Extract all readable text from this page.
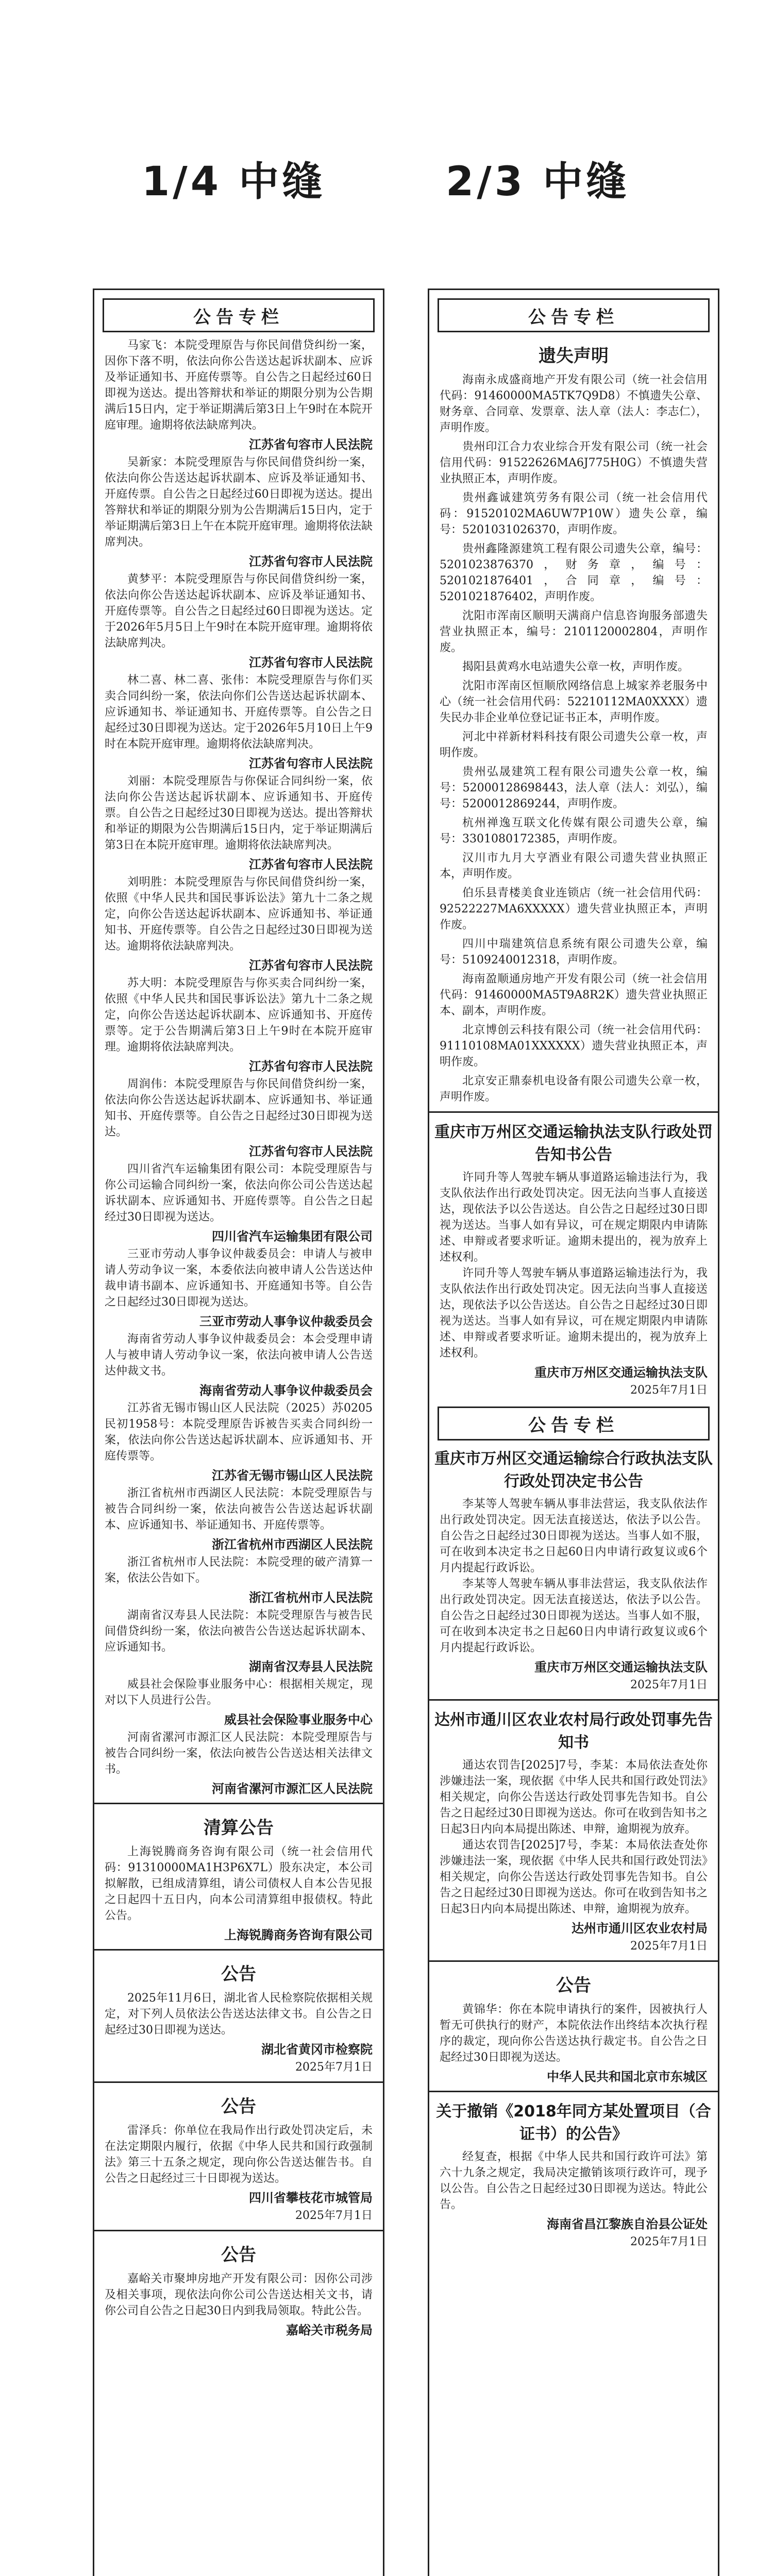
1/4 中缝	2/3 中缝
公告专栏

马家飞：本院受理原告与你民间借贷纠纷一案，因你下落不明，依法向你公告送达起诉状副本、应诉及举证通知书、开庭传票等。自公告之日起经过60日即视为送达。提出答辩状和举证的期限分别为公告期满后15日内，定于举证期满后第3日上午9时在本院开庭审理。逾期将依法缺席判决。

江苏省句容市人民法院

吴新家：本院受理原告与你民间借贷纠纷一案，依法向你公告送达起诉状副本、应诉及举证通知书、开庭传票。自公告之日起经过60日即视为送达。提出答辩状和举证的期限分别为公告期满后15日内，定于举证期满后第3日上午在本院开庭审理。逾期将依法缺席判决。

江苏省句容市人民法院

黄梦平：本院受理原告与你民间借贷纠纷一案，依法向你公告送达起诉状副本、应诉及举证通知书、开庭传票等。自公告之日起经过60日即视为送达。定于2026年5月5日上午9时在本院开庭审理。逾期将依法缺席判决。

江苏省句容市人民法院

林二喜、林二喜、张伟：本院受理原告与你们买卖合同纠纷一案，依法向你们公告送达起诉状副本、应诉通知书、举证通知书、开庭传票等。自公告之日起经过30日即视为送达。定于2026年5月10日上午9时在本院开庭审理。逾期将依法缺席判决。

江苏省句容市人民法院

刘丽：本院受理原告与你保证合同纠纷一案，依法向你公告送达起诉状副本、应诉通知书、开庭传票。自公告之日起经过30日即视为送达。提出答辩状和举证的期限为公告期满后15日内，定于举证期满后第3日在本院开庭审理。逾期将依法缺席判决。

江苏省句容市人民法院

刘明胜：本院受理原告与你民间借贷纠纷一案，依照《中华人民共和国民事诉讼法》第九十二条之规定，向你公告送达起诉状副本、应诉通知书、举证通知书、开庭传票等。自公告之日起经过30日即视为送达。逾期将依法缺席判决。

江苏省句容市人民法院

苏大明：本院受理原告与你买卖合同纠纷一案，依照《中华人民共和国民事诉讼法》第九十二条之规定，向你公告送达起诉状副本、应诉通知书、开庭传票等。定于公告期满后第3日上午9时在本院开庭审理。逾期将依法缺席判决。

江苏省句容市人民法院

周润伟：本院受理原告与你民间借贷纠纷一案，依法向你公告送达起诉状副本、应诉通知书、举证通知书、开庭传票等。自公告之日起经过30日即视为送达。

江苏省句容市人民法院

四川省汽车运输集团有限公司：本院受理原告与你公司运输合同纠纷一案，依法向你公司公告送达起诉状副本、应诉通知书、开庭传票等。自公告之日起经过30日即视为送达。

四川省汽车运输集团有限公司

三亚市劳动人事争议仲裁委员会：申请人与被申请人劳动争议一案，本委依法向被申请人公告送达仲裁申请书副本、应诉通知书、开庭通知书等。自公告之日起经过30日即视为送达。

三亚市劳动人事争议仲裁委员会

海南省劳动人事争议仲裁委员会：本会受理申请人与被申请人劳动争议一案，依法向被申请人公告送达仲裁文书。

海南省劳动人事争议仲裁委员会

江苏省无锡市锡山区人民法院（2025）苏0205民初1958号：本院受理原告诉被告买卖合同纠纷一案，依法向你公告送达起诉状副本、应诉通知书、开庭传票等。

江苏省无锡市锡山区人民法院

浙江省杭州市西湖区人民法院：本院受理原告与被告合同纠纷一案，依法向被告公告送达起诉状副本、应诉通知书、举证通知书、开庭传票等。

浙江省杭州市西湖区人民法院

浙江省杭州市人民法院：本院受理的破产清算一案，依法公告如下。

浙江省杭州市人民法院

湖南省汉寿县人民法院：本院受理原告与被告民间借贷纠纷一案，依法向被告公告送达起诉状副本、应诉通知书。

湖南省汉寿县人民法院

威县社会保险事业服务中心：根据相关规定，现对以下人员进行公告。

威县社会保险事业服务中心

河南省漯河市源汇区人民法院：本院受理原告与被告合同纠纷一案，依法向被告公告送达相关法律文书。

河南省漯河市源汇区人民法院

清算公告

上海锐腾商务咨询有限公司（统一社会信用代码：91310000MA1H3P6X7L）股东决定，本公司拟解散，已组成清算组，请公司债权人自本公告见报之日起四十五日内，向本公司清算组申报债权。特此公告。

上海锐腾商务咨询有限公司

公告

2025年11月6日，湖北省人民检察院依据相关规定，对下列人员依法公告送达法律文书。自公告之日起经过30日即视为送达。

湖北省黄冈市检察院

2025年7月1日

公告

雷泽兵：你单位在我局作出行政处罚决定后，未在法定期限内履行，依据《中华人民共和国行政强制法》第三十五条之规定，现向你公告送达催告书。自公告之日起经过三十日即视为送达。

四川省攀枝花市城管局

2025年7月1日

公告

嘉峪关市聚坤房地产开发有限公司：因你公司涉及相关事项，现依法向你公司公告送达相关文书，请你公司自公告之日起30日内到我局领取。特此公告。

嘉峪关市税务局

公告专栏
遗失声明

海南永成盛商地产开发有限公司（统一社会信用代码：91460000MA5TK7Q9D8）不慎遗失公章、财务章、合同章、发票章、法人章（法人：李志仁），声明作废。

贵州印江合力农业综合开发有限公司（统一社会信用代码：91522626MA6J775H0G）不慎遗失营业执照正本，声明作废。

贵州鑫诚建筑劳务有限公司（统一社会信用代码：91520102MA6UW7P10W）遗失公章，编号：5201031026370，声明作废。

贵州鑫隆源建筑工程有限公司遗失公章，编号：5201023876370，财务章，编号：5201021876401，合同章，编号：5201021876402，声明作废。

沈阳市浑南区顺明天满商户信息咨询服务部遗失营业执照正本，编号：2101120002804，声明作废。

揭阳县黄鸡水电站遗失公章一枚，声明作废。

沈阳市浑南区恒顺欣网络信息上城家养老服务中心（统一社会信用代码：52210112MA0XXXX）遗失民办非企业单位登记证书正本，声明作废。

河北中祥新材料科技有限公司遗失公章一枚，声明作废。

贵州弘晟建筑工程有限公司遗失公章一枚，编号：52000128698443，法人章（法人：刘弘），编号：5200012869244，声明作废。

杭州禅逸互联文化传媒有限公司遗失公章，编号：3301080172385，声明作废。

汉川市九月大亨酒业有限公司遗失营业执照正本，声明作废。

伯乐县青楼美食业连锁店（统一社会信用代码：92522227MA6XXXXX）遗失营业执照正本，声明作废。

四川中瑞建筑信息系统有限公司遗失公章，编号：5109240012318，声明作废。

海南盈顺通房地产开发有限公司（统一社会信用代码：91460000MA5T9A8R2K）遗失营业执照正本、副本，声明作废。

北京博创云科技有限公司（统一社会信用代码：91110108MA01XXXXXX）遗失营业执照正本，声明作废。

北京安正鼎泰机电设备有限公司遗失公章一枚，声明作废。

重庆市万州区交通运输执法支队行政处罚告知书公告

许同升等人驾驶车辆从事道路运输违法行为，我支队依法作出行政处罚决定。因无法向当事人直接送达，现依法予以公告送达。自公告之日起经过30日即视为送达。当事人如有异议，可在规定期限内申请陈述、申辩或者要求听证。逾期未提出的，视为放弃上述权利。

许同升等人驾驶车辆从事道路运输违法行为，我支队依法作出行政处罚决定。因无法向当事人直接送达，现依法予以公告送达。自公告之日起经过30日即视为送达。当事人如有异议，可在规定期限内申请陈述、申辩或者要求听证。逾期未提出的，视为放弃上述权利。

重庆市万州区交通运输执法支队

2025年7月1日

公告专栏
重庆市万州区交通运输综合行政执法支队行政处罚决定书公告

李某等人驾驶车辆从事非法营运，我支队依法作出行政处罚决定。因无法直接送达，依法予以公告。自公告之日起经过30日即视为送达。当事人如不服，可在收到本决定书之日起60日内申请行政复议或6个月内提起行政诉讼。

李某等人驾驶车辆从事非法营运，我支队依法作出行政处罚决定。因无法直接送达，依法予以公告。自公告之日起经过30日即视为送达。当事人如不服，可在收到本决定书之日起60日内申请行政复议或6个月内提起行政诉讼。

重庆市万州区交通运输执法支队

2025年7月1日

达州市通川区农业农村局行政处罚事先告知书

通达农罚告[2025]7号，李某：本局依法查处你涉嫌违法一案，现依据《中华人民共和国行政处罚法》相关规定，向你公告送达行政处罚事先告知书。自公告之日起经过30日即视为送达。你可在收到告知书之日起3日内向本局提出陈述、申辩，逾期视为放弃。

通达农罚告[2025]7号，李某：本局依法查处你涉嫌违法一案，现依据《中华人民共和国行政处罚法》相关规定，向你公告送达行政处罚事先告知书。自公告之日起经过30日即视为送达。你可在收到告知书之日起3日内向本局提出陈述、申辩，逾期视为放弃。

达州市通川区农业农村局

2025年7月1日

公告

黄锦华：你在本院申请执行的案件，因被执行人暂无可供执行的财产，本院依法作出终结本次执行程序的裁定，现向你公告送达执行裁定书。自公告之日起经过30日即视为送达。

中华人民共和国北京市东城区

关于撤销《2018年同方某处置项目（合证书）的公告》

经复查，根据《中华人民共和国行政许可法》第六十九条之规定，我局决定撤销该项行政许可，现予以公告。自公告之日起经过30日即视为送达。特此公告。

海南省昌江黎族自治县公证处

2025年7月1日
